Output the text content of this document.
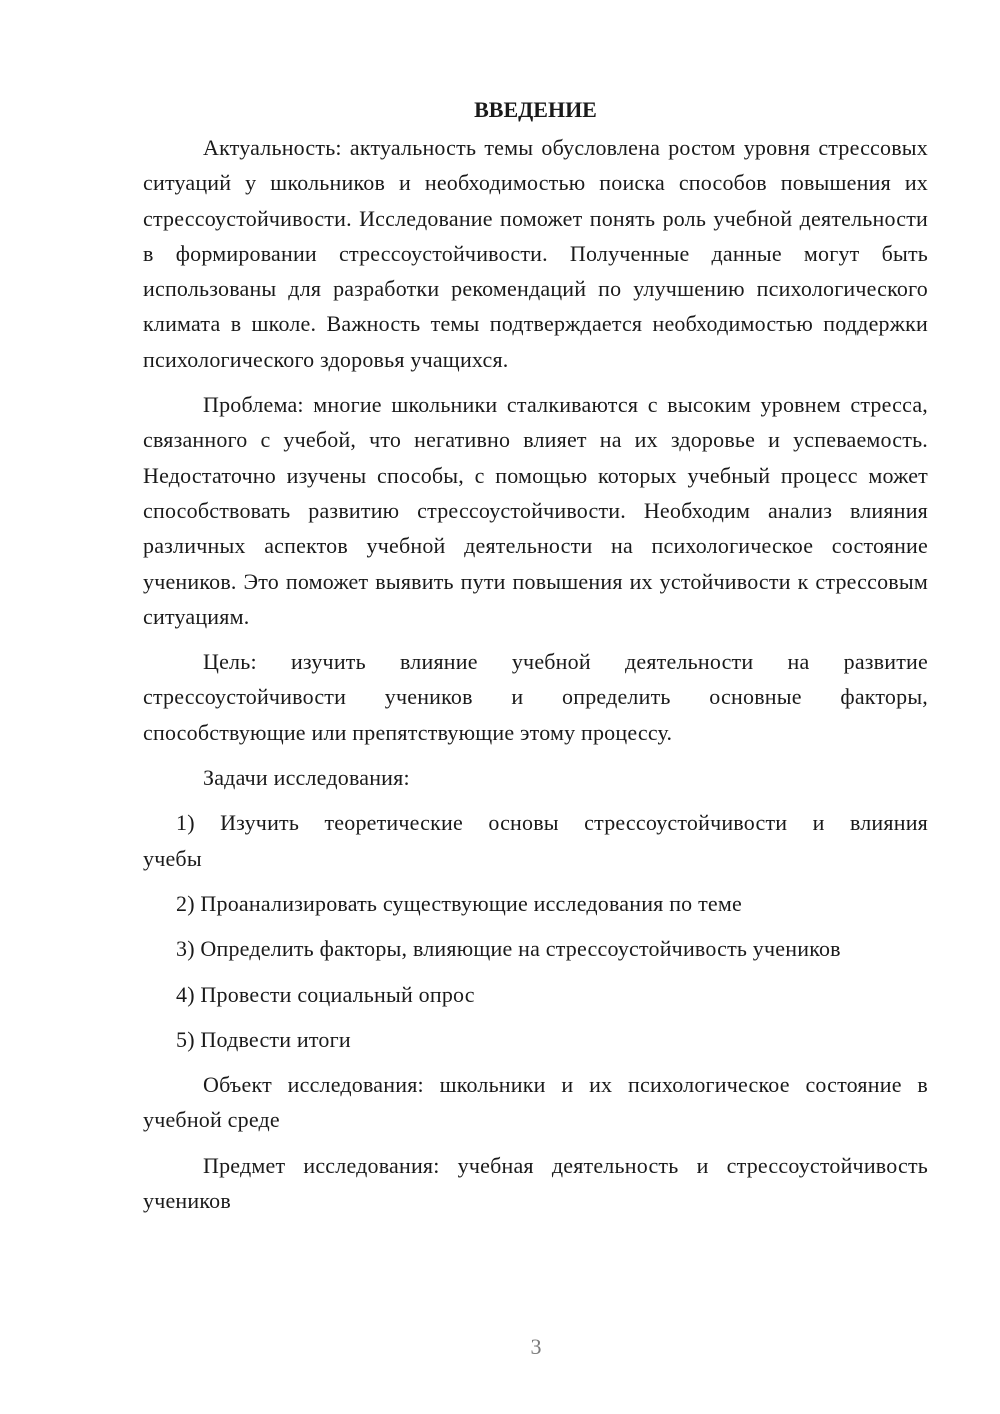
ВВЕДЕНИЕ

Актуальность: актуальность темы обусловлена ростом уровня стрессовых ситуаций у школьников и необходимостью поиска способов повышения их стрессоустойчивости. Исследование поможет понять роль учебной деятельности в формировании стрессоустойчивости. Полученные данные могут быть использованы для разработки рекомендаций по улучшению психологического климата в школе. Важность темы подтверждается необходимостью поддержки психологического здоровья учащихся.

Проблема: многие школьники сталкиваются с высоким уровнем стресса, связанного с учебой, что негативно влияет на их здоровье и успеваемость. Недостаточно изучены способы, с помощью которых учебный процесс может способствовать развитию стрессоустойчивости. Необходим анализ влияния различных аспектов учебной деятельности на психологическое состояние учеников. Это поможет выявить пути повышения их устойчивости к стрессовым ситуациям.

Цель: изучить влияние учебной деятельности на развитие стрессоустойчивости учеников и определить основные факторы, способствующие или препятствующие этому процессу.

Задачи исследования:

1) Изучить теоретические основы стрессоустойчивости и влияния учебы

2) Проанализировать существующие исследования по теме

3) Определить факторы, влияющие на стрессоустойчивость учеников

4) Провести социальный опрос

5) Подвести итоги

Объект исследования: школьники и их психологическое состояние в учебной среде

Предмет исследования: учебная деятельность и стрессоустойчивость учеников

3
